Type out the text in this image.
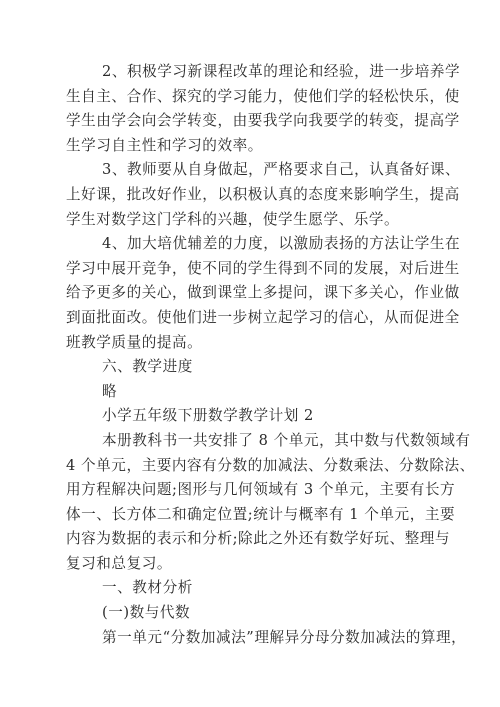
2、积极学习新课程改革的理论和经验，进一步培养学
生自主、合作、探究的学习能力，使他们学的轻松快乐，使
学生由学会向会学转变，由要我学向我要学的转变，提高学
生学习自主性和学习的效率。
3、教师要从自身做起，严格要求自己，认真备好课、
上好课，批改好作业，以积极认真的态度来影响学生，提高
学生对数学这门学科的兴趣，使学生愿学、乐学。
4、加大培优辅差的力度，以激励表扬的方法让学生在
学习中展开竞争，使不同的学生得到不同的发展，对后进生
给予更多的关心，做到课堂上多提问，课下多关心，作业做
到面批面改。使他们进一步树立起学习的信心，从而促进全
班教学质量的提高。
六、教学进度
略
小学五年级下册数学教学计划 2
本册教科书一共安排了 8 个单元，其中数与代数领域有
4 个单元，主要内容有分数的加减法、分数乘法、分数除法、
用方程解决问题;图形与几何领域有 3 个单元，主要有长方
体一、长方体二和确定位置;统计与概率有 1 个单元，主要
内容为数据的表示和分析;除此之外还有数学好玩、整理与
复习和总复习。
一、教材分析
(一)数与代数
第一单元“分数加减法”理解异分母分数加减法的算理，
